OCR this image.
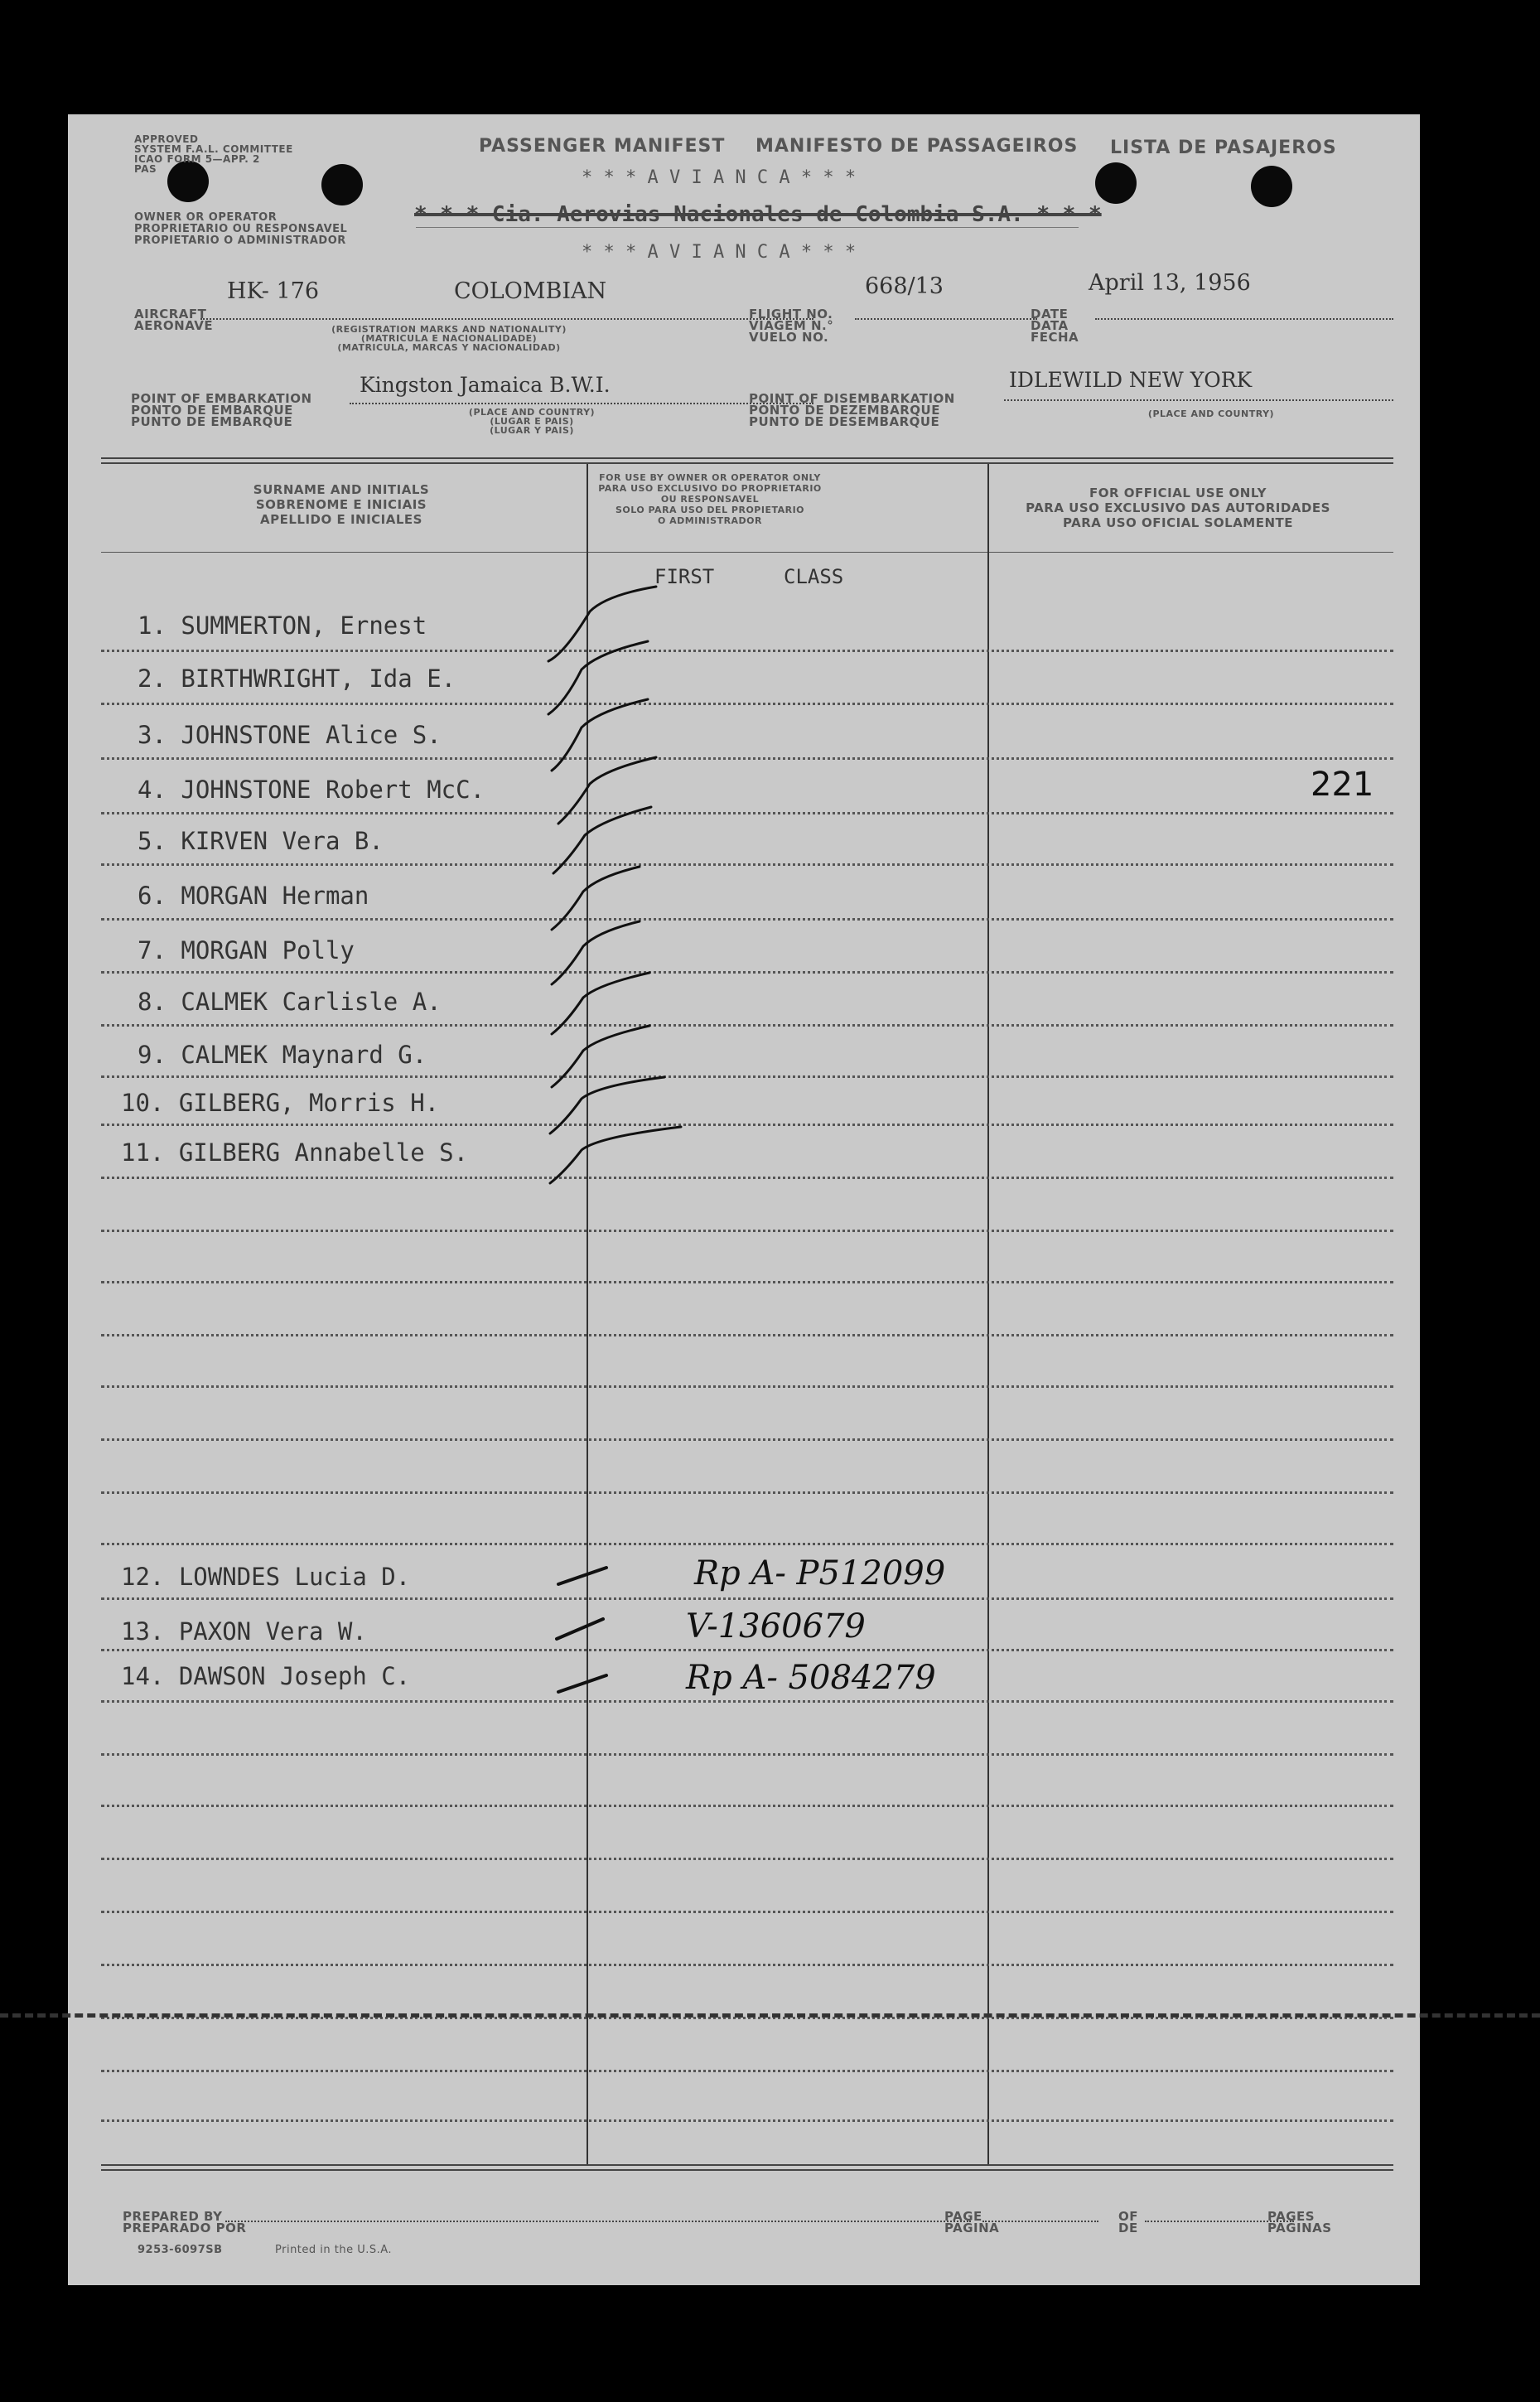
APPROVED
SYSTEM F.A.L. COMMITTEE
ICAO FORM 5—APP. 2
PAS
OWNER OR OPERATOR
PROPRIETARIO OU RESPONSAVEL
PROPIETARIO O ADMINISTRADOR
PASSENGER MANIFEST MANIFESTO DE PASSAGEIROS LISTA DE PASAJEROS
* * * A V I A N C A * * *
* * * Cia. Aerovias Nacionales de Colombia S.A. * * *
* * * A V I A N C A * * *
HK- 176	COLOMBIAN	668/13	April 13, 1956
AIRCRAFT
AERONAVE	(REGISTRATION MARKS AND NATIONALITY)
(MATRICULA E NACIONALIDADE)
(MATRICULA, MARCAS Y NACIONALIDAD)
FLIGHT NO.
VIAGEM N.°
VUELO NO.
DATE
DATA
FECHA
Kingston Jamaica B.W.I.	IDLEWILD NEW YORK
POINT OF EMBARKATION
PONTO DE EMBARQUE
PUNTO DE EMBARQUE
(PLACE AND COUNTRY)
(LUGAR E PAIS)
(LUGAR Y PAIS)
POINT OF DISEMBARKATION
PONTO DE DEZEMBARQUE
PUNTO DE DESEMBARQUE
(PLACE AND COUNTRY)
SURNAME AND INITIALS
SOBRENOME E INICIAIS
APELLIDO E INICIALES
FOR USE BY OWNER OR OPERATOR ONLY
PARA USO EXCLUSIVO DO PROPRIETARIO
OU RESPONSAVEL
SOLO PARA USO DEL PROPIETARIO
O ADMINISTRADOR
FOR OFFICIAL USE ONLY
PARA USO EXCLUSIVO DAS AUTORIDADES
PARA USO OFICIAL SOLAMENTE
FIRST	CLASS
221
1. SUMMERTON, Ernest
2. BIRTHWRIGHT, Ida E.
3. JOHNSTONE Alice S.
4. JOHNSTONE Robert McC.
5. KIRVEN Vera B.
6. MORGAN Herman
7. MORGAN Polly
8. CALMEK Carlisle A.
9. CALMEK Maynard G.
10. GILBERG, Morris H.
11. GILBERG Annabelle S.
12. LOWNDES Lucia D.	Rp A- P512099
13. PAXON Vera W.	V-1360679
14. DAWSON Joseph C.	Rp A- 5084279
PREPARED BY
PREPARADO POR
9253-6097SB	Printed in the U.S.A.
PAGE
PAGINA
OF
DE
PAGES
PAGINAS
